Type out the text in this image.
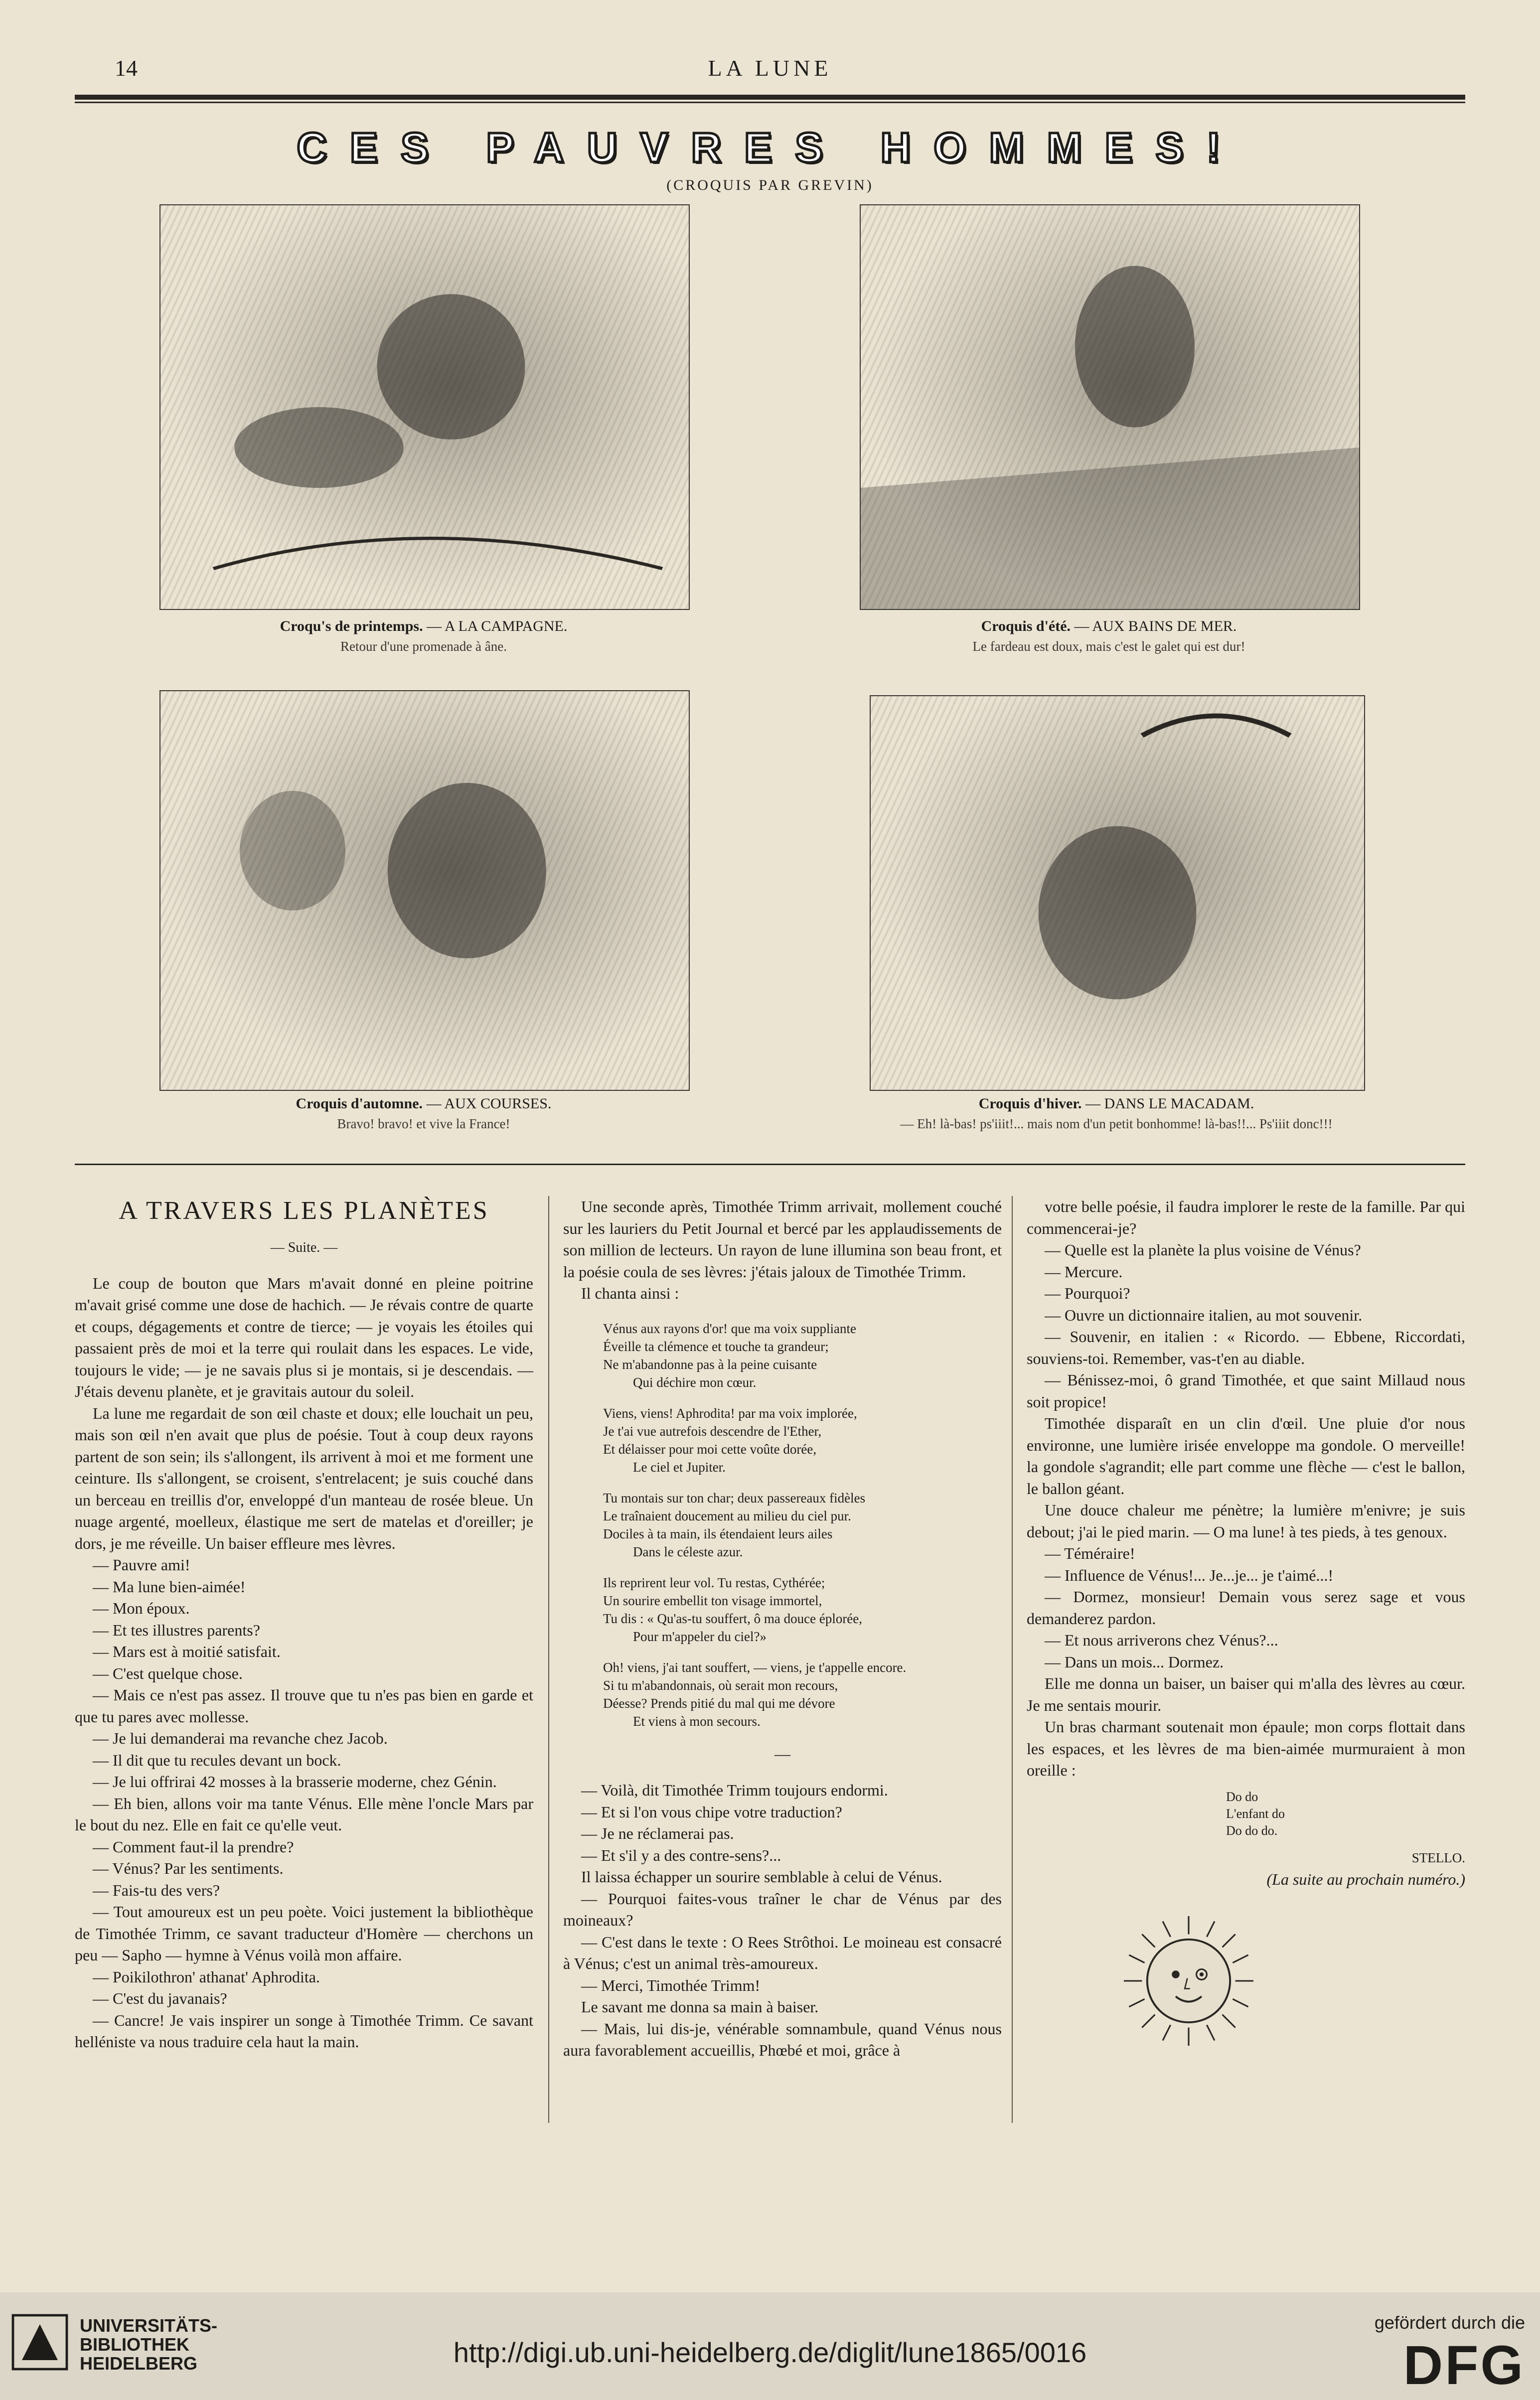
14	LA LUNE
CES PAUVRES HOMMES!
(CROQUIS PAR GREVIN)
Croqu's de printemps. — A LA CAMPAGNE.
Retour d'une promenade à âne.
Croquis d'été. — AUX BAINS DE MER.
Le fardeau est doux, mais c'est le galet qui est dur!
Croquis d'automne. — AUX COURSES.
Bravo! bravo! et vive la France!
Croquis d'hiver. — DANS LE MACADAM.
— Eh! là-bas! ps'iiit!... mais nom d'un petit bonhomme! là-bas!!... Ps'iiit donc!!!
A TRAVERS LES PLANÈTES
— Suite. —

Le coup de bouton que Mars m'avait donné en pleine poitrine m'avait grisé comme une dose de hachich. — Je révais contre de quarte et coups, dégagements et contre de tierce; — je voyais les étoiles qui passaient près de moi et la terre qui roulait dans les espaces. Le vide, toujours le vide; — je ne savais plus si je montais, si je descendais. — J'étais devenu planète, et je gravitais autour du soleil.

La lune me regardait de son œil chaste et doux; elle louchait un peu, mais son œil n'en avait que plus de poésie. Tout à coup deux rayons partent de son sein; ils s'allongent, ils arrivent à moi et me forment une ceinture. Ils s'allongent, se croisent, s'entrelacent; je suis couché dans un berceau en treillis d'or, enveloppé d'un manteau de rosée bleue. Un nuage argenté, moelleux, élastique me sert de matelas et d'oreiller; je dors, je me réveille. Un baiser effleure mes lèvres.

— Pauvre ami!

— Ma lune bien-aimée!

— Mon époux.

— Et tes illustres parents?

— Mars est à moitié satisfait.

— C'est quelque chose.

— Mais ce n'est pas assez. Il trouve que tu n'es pas bien en garde et que tu pares avec mollesse.

— Je lui demanderai ma revanche chez Jacob.

— Il dit que tu recules devant un bock.

— Je lui offrirai 42 mosses à la brasserie moderne, chez Génin.

— Eh bien, allons voir ma tante Vénus. Elle mène l'oncle Mars par le bout du nez. Elle en fait ce qu'elle veut.

— Comment faut-il la prendre?

— Vénus? Par les sentiments.

— Fais-tu des vers?

— Tout amoureux est un peu poète. Voici justement la bibliothèque de Timothée Trimm, ce savant traducteur d'Homère — cherchons un peu — Sapho — hymne à Vénus voilà mon affaire.

— Poikilothron' athanat' Aphrodita.

— C'est du javanais?

— Cancre! Je vais inspirer un songe à Timothée Trimm. Ce savant helléniste va nous traduire cela haut la main.

Une seconde après, Timothée Trimm arrivait, mollement couché sur les lauriers du Petit Journal et bercé par les applaudissements de son million de lecteurs. Un rayon de lune illumina son beau front, et la poésie coula de ses lèvres: j'étais jaloux de Timothée Trimm.

Il chanta ainsi :

Vénus aux rayons d'or! que ma voix suppliante
Éveille ta clémence et touche ta grandeur;
Ne m'abandonne pas à la peine cuisante
Qui déchire mon cœur.
Viens, viens! Aphrodita! par ma voix implorée,
Je t'ai vue autrefois descendre de l'Ether,
Et délaisser pour moi cette voûte dorée,
Le ciel et Jupiter.
Tu montais sur ton char; deux passereaux fidèles
Le traînaient doucement au milieu du ciel pur.
Dociles à ta main, ils étendaient leurs ailes
Dans le céleste azur.
Ils reprirent leur vol. Tu restas, Cythérée;
Un sourire embellit ton visage immortel,
Tu dis : « Qu'as-tu souffert, ô ma douce éplorée,
Pour m'appeler du ciel?»
Oh! viens, j'ai tant souffert, — viens, je t'appelle encore.
Si tu m'abandonnais, où serait mon recours,
Déesse? Prends pitié du mal qui me dévore
Et viens à mon secours.
—

— Voilà, dit Timothée Trimm toujours endormi.

— Et si l'on vous chipe votre traduction?

— Je ne réclamerai pas.

— Et s'il y a des contre-sens?...

Il laissa échapper un sourire semblable à celui de Vénus.

— Pourquoi faites-vous traîner le char de Vénus par des moineaux?

— C'est dans le texte : O Rees Strôthoi. Le moineau est consacré à Vénus; c'est un animal très-amoureux.

— Merci, Timothée Trimm!

Le savant me donna sa main à baiser.

— Mais, lui dis-je, vénérable somnambule, quand Vénus nous aura favorablement accueillis, Phœbé et moi, grâce à

votre belle poésie, il faudra implorer le reste de la famille. Par qui commencerai-je?

— Quelle est la planète la plus voisine de Vénus?

— Mercure.

— Pourquoi?

— Ouvre un dictionnaire italien, au mot souvenir.

— Souvenir, en italien : « Ricordo. — Ebbene, Riccordati, souviens-toi. Remember, vas-t'en au diable.

— Bénissez-moi, ô grand Timothée, et que saint Millaud nous soit propice!

Timothée disparaît en un clin d'œil. Une pluie d'or nous environne, une lumière irisée enveloppe ma gondole. O merveille! la gondole s'agrandit; elle part comme une flèche — c'est le ballon, le ballon géant.

Une douce chaleur me pénètre; la lumière m'enivre; je suis debout; j'ai le pied marin. — O ma lune! à tes pieds, à tes genoux.

— Téméraire!

— Influence de Vénus!... Je...je... je t'aimé...!

— Dormez, monsieur! Demain vous serez sage et vous demanderez pardon.

— Et nous arriverons chez Vénus?...

— Dans un mois... Dormez.

Elle me donna un baiser, un baiser qui m'alla des lèvres au cœur. Je me sentais mourir.

Un bras charmant soutenait mon épaule; mon corps flottait dans les espaces, et les lèvres de ma bien-aimée murmuraient à mon oreille :

Do do
L'enfant do
Do do do.
STELLO.
(La suite au prochain numéro.)
UNIVERSITÄTS-
BIBLIOTHEK
HEIDELBERG	http://digi.ub.uni-heidelberg.de/diglit/lune1865/0016
gefördert durch die
DFG
